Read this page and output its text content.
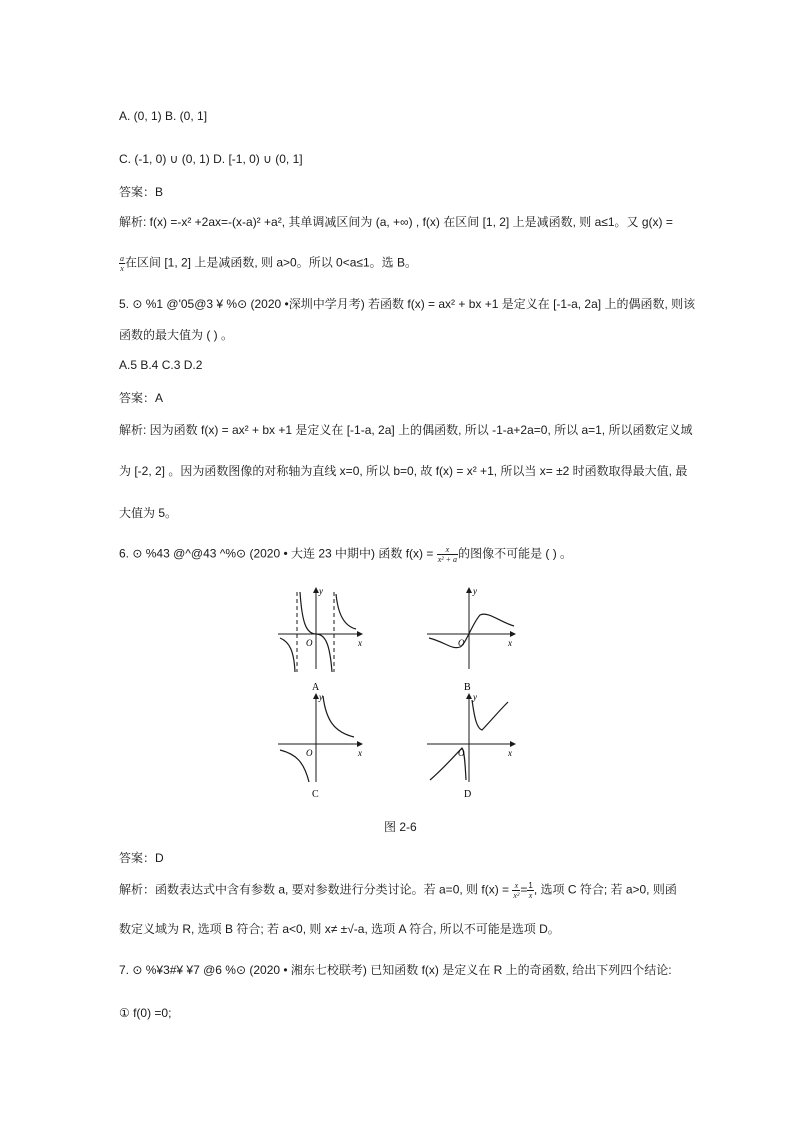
A. (0, 1) B. (0, 1]
C. (-1, 0) ∪ (0, 1) D. [-1, 0) ∪ (0, 1]
答案：B
解析: f(x) =-x² +2ax=-(x-a)² +a², 其单调减区间为 (a, +∞) , f(x) 在区间 [1, 2] 上是减函数, 则 a≤1。又 g(x) =
$\frac{a}{x}$ 在区间 [1, 2] 上是减函数, 则 a>0。所以 0<a≤1。选 B。
5. ⊙ %1 @'05@3 ¥ %⊙ (2020 •深圳中学月考) 若函数 f(x) = ax² + bx +1 是定义在 [-1-a, 2a] 上的偶函数, 则该
函数的最大值为 ( ) 。
A.5 B.4 C.3 D.2
答案：A
解析: 因为函数 f(x) = ax² + bx +1 是定义在 [-1-a, 2a] 上的偶函数, 所以 -1-a+2a=0, 所以 a=1, 所以函数定义域
为 [-2, 2] 。因为函数图像的对称轴为直线 x=0, 所以 b=0, 故 f(x) = x² +1, 所以当 x= ±2 时函数取得最大值, 最
大值为 5。
6. ⊙ %43 @^@43 ^%⊙ (2020 • 大连 23 中期中) 函数 $f(x) = \frac{x}{\text{x² + a}}$ 的图像不可能是 ( ) 。
O	x
y
A
O	x
y
B
O	x
y
C
O	x
y
D
图 2-6
答案：D
解析：函数表达式中含有参数 a, 要对参数进行分类讨论。若 a=0, 则 $f(x) = \frac{x}{\text{x²}} = \frac{1}{x}$ , 选项 C 符合; 若 a>0, 则函
数定义域为 R, 选项 B 符合; 若 a<0, 则 x≠ ±√-a, 选项 A 符合, 所以不可能是选项 D。
7. ⊙ %¥3#¥ ¥7 @6 %⊙ (2020 • 湘东七校联考) 已知函数 f(x) 是定义在 R 上的奇函数, 给出下列四个结论:
① f(0) =0;
